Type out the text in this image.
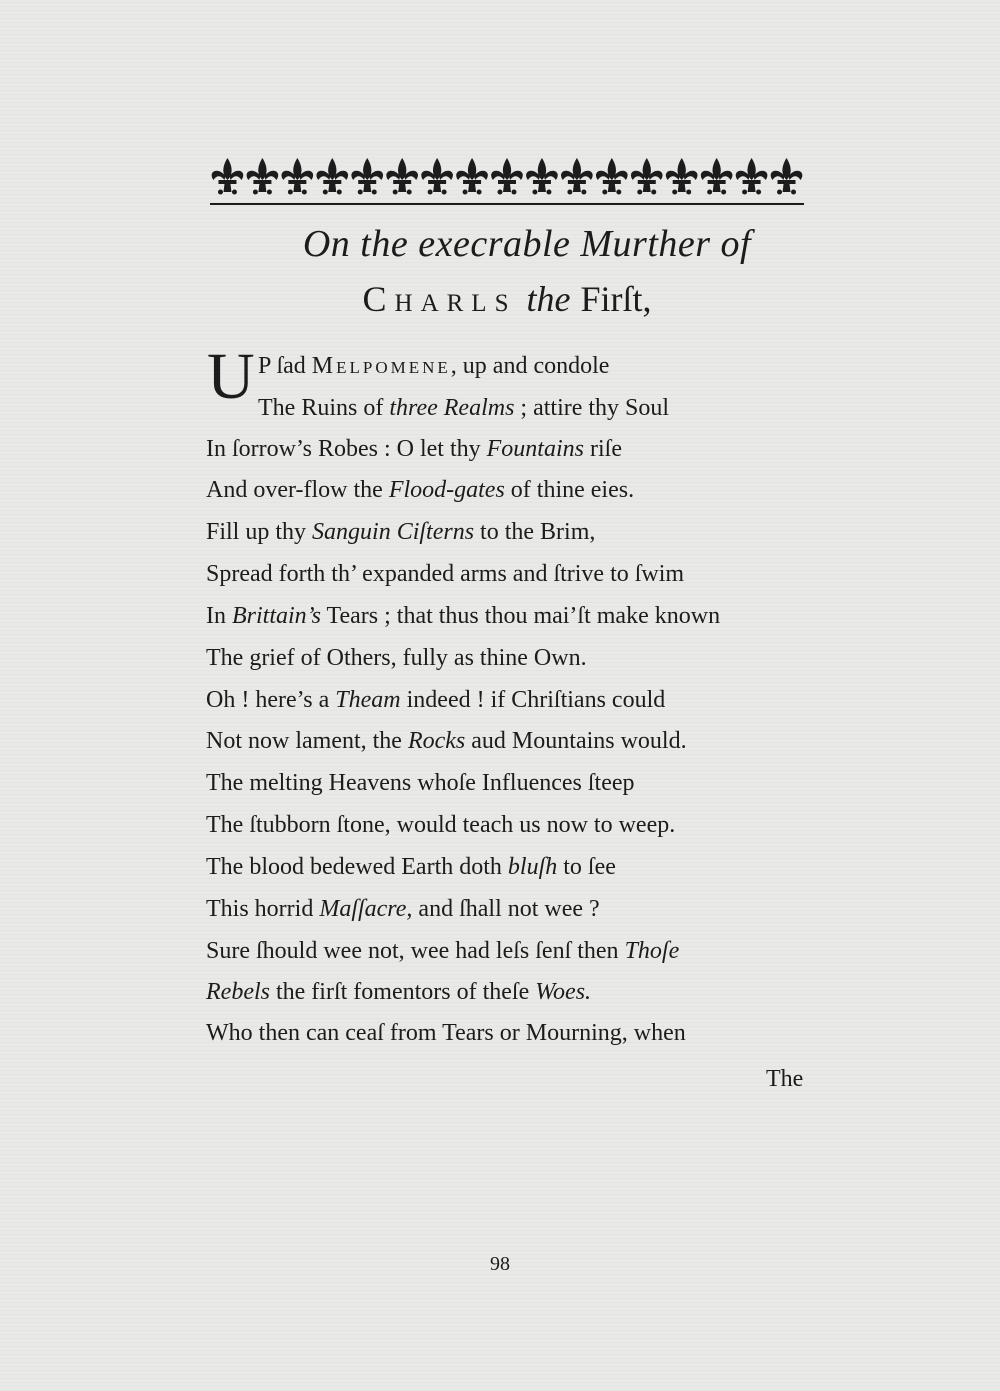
On the execrable Murther of
Charls the Firſt,
U P ſad Melpomene, up and condole
The Ruins of three Realms ; attire thy Soul
In ſorrow’s Robes : O let thy Fountains riſe
And over-flow the Flood-gates of thine eies.
Fill up thy Sanguin Ciſterns to the Brim,
Spread forth th’ expanded arms and ſtrive to ſwim
In Brittain’s Tears ; that thus thou mai’ſt make known
The grief of Others, fully as thine Own.
Oh ! here’s a Theam indeed ! if Chriſtians could
Not now lament, the Rocks aud Mountains would.
The melting Heavens whoſe Influences ſteep
The ſtubborn ſtone, would teach us now to weep.
The blood bedewed Earth doth bluſh to ſee
This horrid Maſſacre, and ſhall not wee ?
Sure ſhould wee not, wee had leſs ſenſ then Thoſe
Rebels the firſt fomentors of theſe Woes.
Who then can ceaſ from Tears or Mourning, when
The
98
